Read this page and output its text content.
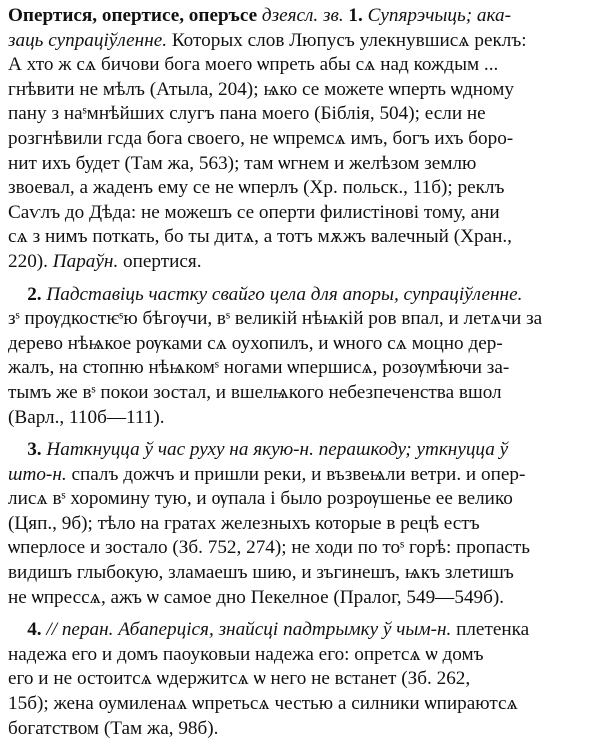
Опертися, опертисе, оперъсе дзеясл. зв. 1. Супярэчыць; ака-
заць супраціўленне. Которых слов Люпусъ улекнувшисѧ реклъ:
А хто ж сѧ бичови бога моего ѡпреть абы сѧ над кождым ...
гнѣвити не мѣлъ (Атыла, 204); ѩко се можете ѡперть ѡдному
пану з наˢмнѣйших слугъ пана моего (Біблія, 504); если не
розгнѣвили гсда бога своего, не ѡпремсѧ имъ, богъ ихъ боро-
нит ихъ будет (Там жа, 563); там ѡгнем и желѣзом землю
звоевал, а жаденъ ему се не ѡперлъ (Хр. польск., 11б); реклъ
Саѵлъ до Дѣда: не можешъ се оперти филистіновi тому, ани
сѧ з нимъ поткать, бо ты дитѧ, а тотъ мѫжъ валечный (Хран.,
220). Параўн. опертися.
2. Падставіць частку свайго цела для апоры, супраціўленне.
зˢ прѹдкостѥˢю бѣгѹчи, вˢ великій нѣѩкій ров впал, и летѧчи за
дерево нѣѩкое рѹками сѧ оухопилъ, и ѡного сѧ моцно дер-
жалъ, на стопню нѣѩкомˢ ногами ѡпершисѧ, розѹмѣючи за-
тымъ же вˢ покои зостал, и вшелѩкого небезпеченства вшол
(Варл., 110б—111).
3. Наткнуцца ў час руху на якую-н. перашкоду; уткнуцца ў
што-н. спалъ дожчъ и пришли реки, и възвеѩли ветри. и опер-
лисѧ вˢ хоромину тую, и ѹпала i было розрѹшенье ее велико
(Цяп., 9б); тѣло на гратах железныхъ которые в рецѣ естъ
ѡперлосе и зостало (Зб. 752, 274); не ходи по тоˢ горѣ: пропасть
видишъ глыбокую, зламаешъ шию, и зъгинешъ, ѩкъ злетишъ
не ѡпрессѧ, ажъ ѡ самое дно Пекелное (Пралог, 549—549б).
4. // перан. Абаперціся, знайсці падтрымку ў чым-н. плетенка
надежа его и домъ паоуковыи надежа его: опретсѧ ѡ домъ
его и не остоитсѧ ѡдержитсѧ ѡ него не встанет (Зб. 262,
15б); жена оумиленаѧ ѡпретьсѧ честью а силники ѡпираютсѧ
богатством (Там жа, 98б).
